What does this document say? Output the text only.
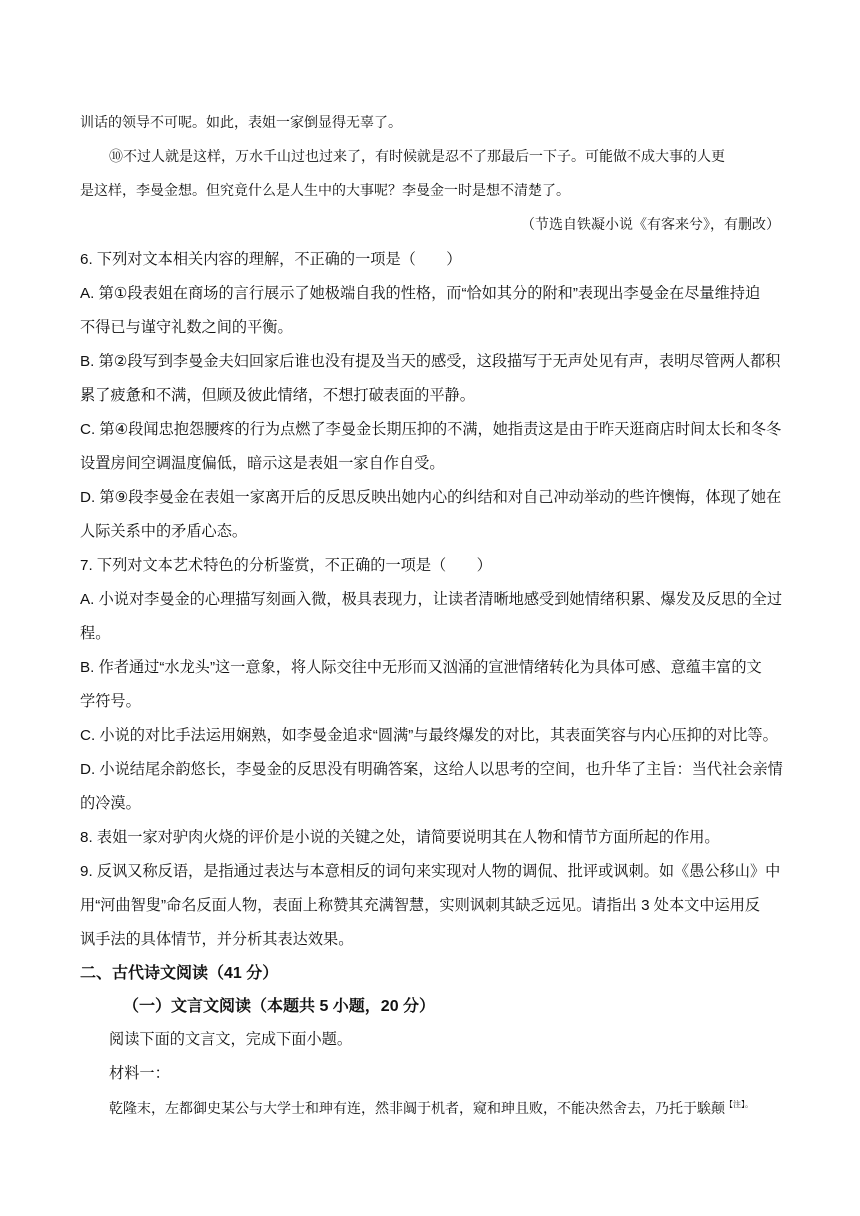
训话的领导不可呢。如此，表姐一家倒显得无辜了。
⑩不过人就是这样，万水千山过也过来了，有时候就是忍不了那最后一下子。可能做不成大事的人更
是这样，李曼金想。但究竟什么是人生中的大事呢？李曼金一时是想不清楚了。
（节选自铁凝小说《有客来兮》，有删改）
6. 下列对文本相关内容的理解，不正确的一项是（　　）
A. 第①段表姐在商场的言行展示了她极端自我的性格，而“恰如其分的附和”表现出李曼金在尽量维持迫
不得已与谨守礼数之间的平衡。
B. 第②段写到李曼金夫妇回家后谁也没有提及当天的感受，这段描写于无声处见有声，表明尽管两人都积
累了疲惫和不满，但顾及彼此情绪，不想打破表面的平静。
C. 第④段闻忠抱怨腰疼的行为点燃了李曼金长期压抑的不满，她指责这是由于昨天逛商店时间太长和冬冬
设置房间空调温度偏低，暗示这是表姐一家自作自受。
D. 第⑨段李曼金在表姐一家离开后的反思反映出她内心的纠结和对自己冲动举动的些许懊悔，体现了她在
人际关系中的矛盾心态。
7. 下列对文本艺术特色的分析鉴赏，不正确的一项是（　　）
A. 小说对李曼金的心理描写刻画入微，极具表现力，让读者清晰地感受到她情绪积累、爆发及反思的全过
程。
B. 作者通过“水龙头”这一意象，将人际交往中无形而又汹涌的宣泄情绪转化为具体可感、意蕴丰富的文
学符号。
C. 小说的对比手法运用娴熟，如李曼金追求“圆满”与最终爆发的对比，其表面笑容与内心压抑的对比等。
D. 小说结尾余韵悠长，李曼金的反思没有明确答案，这给人以思考的空间，也升华了主旨：当代社会亲情
的冷漠。
8. 表姐一家对驴肉火烧的评价是小说的关键之处，请简要说明其在人物和情节方面所起的作用。
9. 反讽又称反语，是指通过表达与本意相反的词句来实现对人物的调侃、批评或讽刺。如《愚公移山》中
用“河曲智叟”命名反面人物，表面上称赞其充满智慧，实则讽刺其缺乏远见。请指出 3 处本文中运用反
讽手法的具体情节，并分析其表达效果。
二、古代诗文阅读（41 分）
（一）文言文阅读（本题共 5 小题，20 分）
阅读下面的文言文，完成下面小题。
材料一：
乾隆末，左都御史某公与大学士和珅有连，然非阘于机者，窥和珅且败，不能决然舍去，乃托于騃颠$^{【注】。}$
